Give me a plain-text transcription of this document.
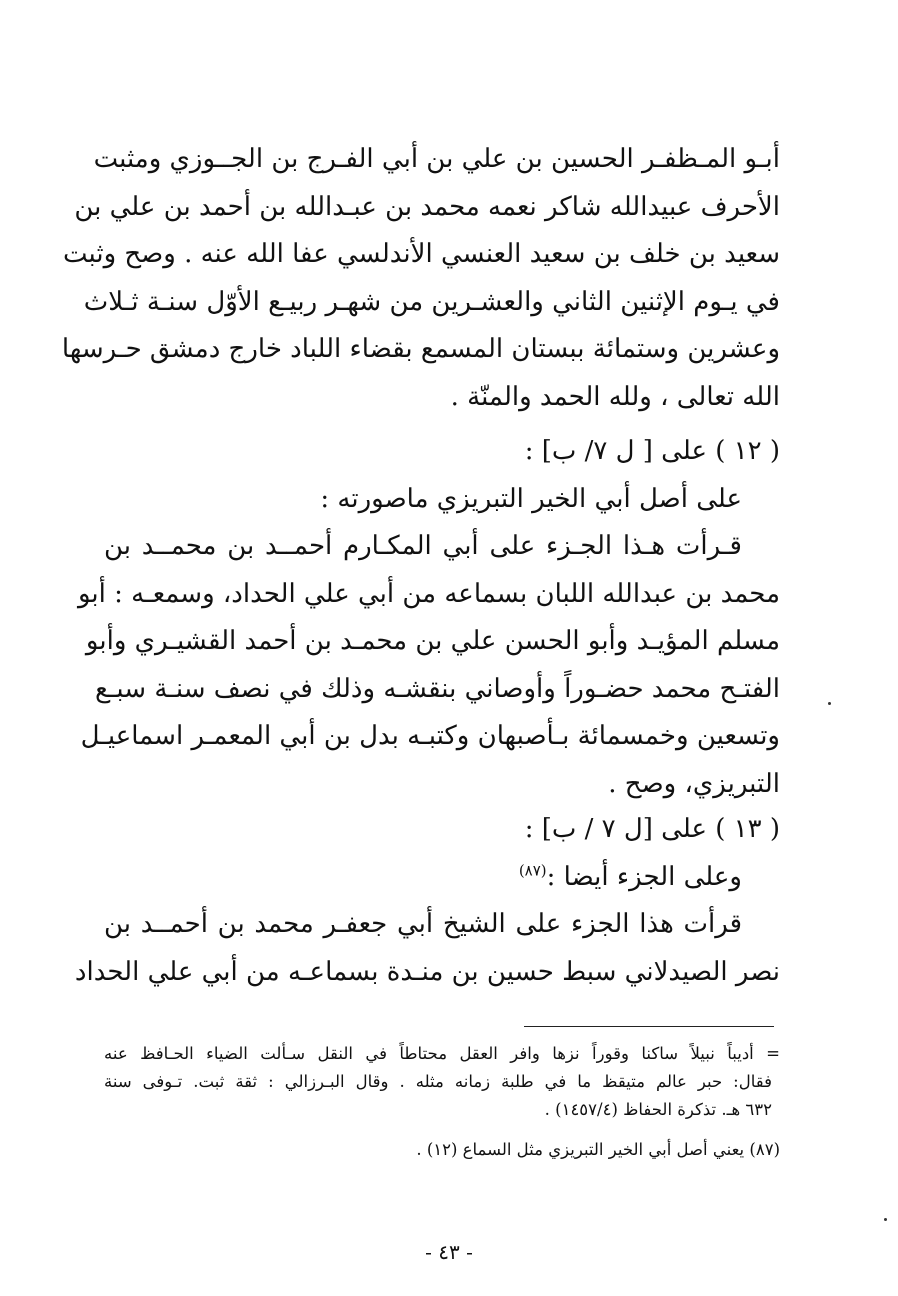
أبـو المـظفـر الحسين بن علي بن أبي الفـرج بن الجــوزي ومثبت
الأحرف عبيدالله شاكر نعمه محمد بن عبـدالله بن أحمد بن علي بن
سعيد بن خلف بن سعيد العنسي الأندلسي عفا الله عنه . وصح وثبت
في يـوم الإثنين الثاني والعشـرين من شهـر ربيـع الأوّل سنـة ثـلاث
وعشرين وستمائة ببستان المسمع بقضاء اللباد خارج دمشق حـرسها
الله تعالى ، ولله الحمد والمنّة .
( ١٢ ) على [ ل ٧/ ب] :
على أصل أبي الخير التبريزي ماصورته :
قـرأت هـذا الجـزء على أبي المكـارم أحمــد بن محمــد بن
محمد بن عبدالله اللبان بسماعه من أبي علي الحداد، وسمعـه : أبو
مسلم المؤيـد وأبو الحسن علي بن محمـد بن أحمد القشيـري وأبو
الفتـح محمد حضـوراً وأوصاني بنقشـه وذلك في نصف سنـة سبـع
وتسعين وخمسمائة بـأصبهان وكتبـه بدل بن أبي المعمـر اسماعيـل
التبريزي، وصح .
( ١٣ ) على [ل ٧ / ب] :
وعلى الجزء أيضا :$^{(٨٧)}$
قرأت هذا الجزء على الشيخ أبي جعفـر محمد بن أحمــد بن
نصر الصيدلاني سبط حسين بن منـدة بسماعـه من أبي علي الحداد
= أديباً نبيلاً ساكنا وقوراً نزها وافر العقل محتاطاً في النقل سـألت الضياء الحـافظ عنه
فقال: حبر عالم متيقظ ما في طلبة زمانه مثله . وقال البـرزالي : ثقة ثبت. تـوفى سنة
٦٣٢ هـ. تذكرة الحفاظ (١٤٥٧/٤) .
(٨٧) يعني أصل أبي الخير التبريزي مثل السماع (١٢) .
- ٤٣ -
